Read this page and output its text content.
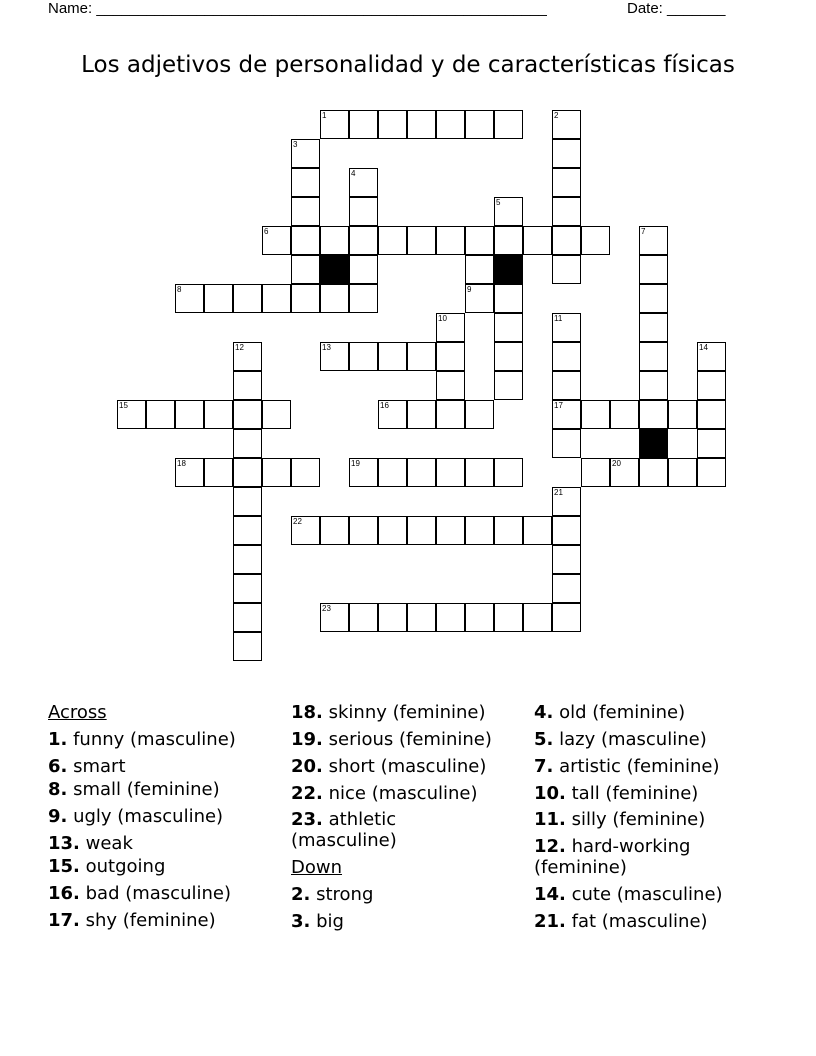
Name: ______________________________________________________	Date: _______
Los adjetivos de personalidad y de características físicas
1	2
3
4
5
6	7
8	9
10	11
12	13	14
15	16	17
18	19	20
21
22
23
Across
1. funny (masculine)
6. smart
8. small (feminine)
9. ugly (masculine)
13. weak
15. outgoing
16. bad (masculine)
17. shy (feminine)
18. skinny (feminine)
19. serious (feminine)
20. short (masculine)
22. nice (masculine)
23. athletic (masculine)
Down
2. strong
3. big
4. old (feminine)
5. lazy (masculine)
7. artistic (feminine)
10. tall (feminine)
11. silly (feminine)
12. hard-working (feminine)
14. cute (masculine)
21. fat (masculine)
